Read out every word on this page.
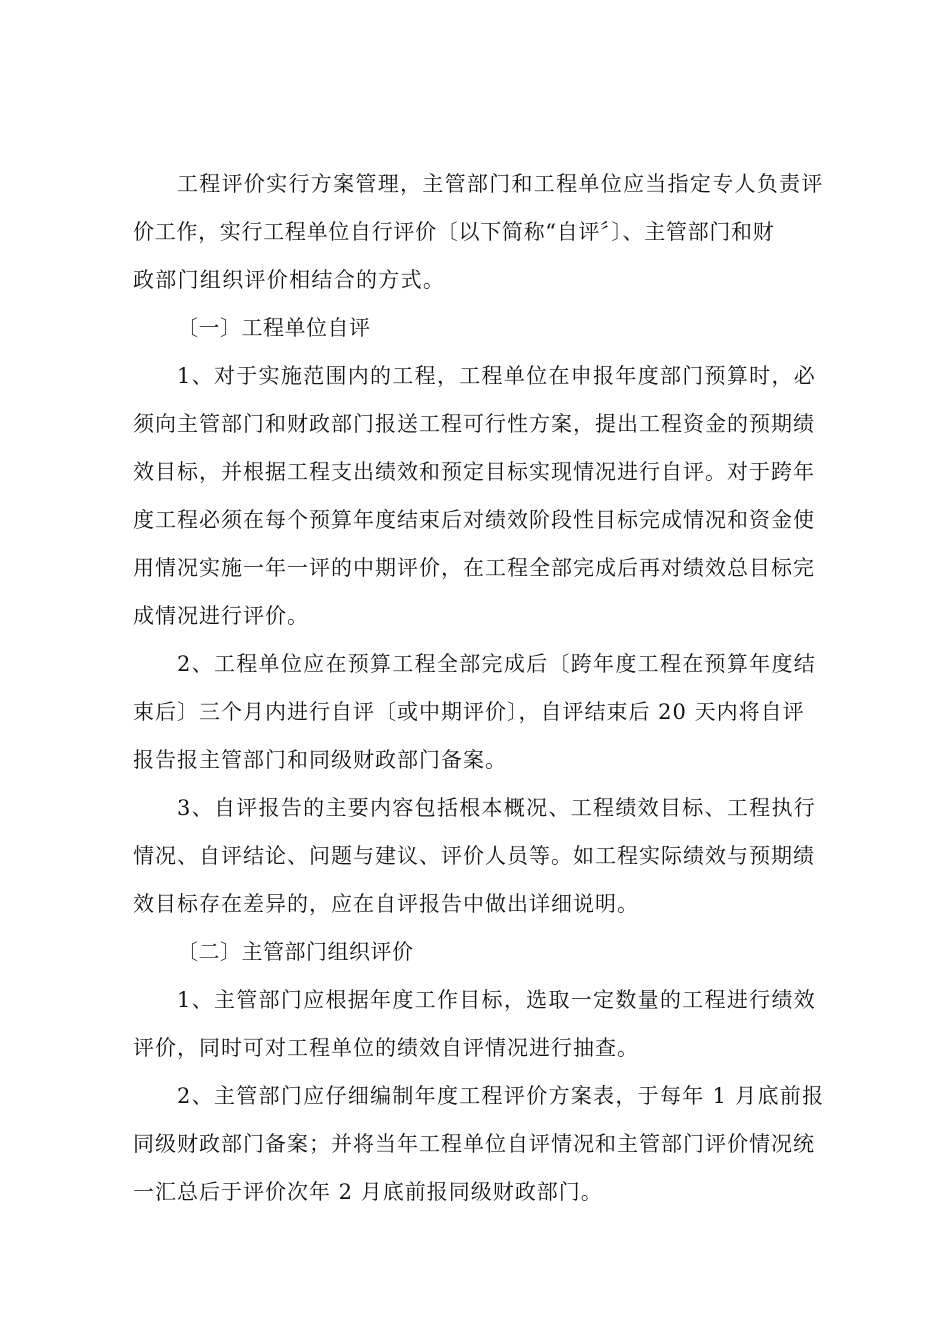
工程评价实行方案管理，主管部门和工程单位应当指定专人负责评
价工作，实行工程单位自行评价〔以下简称“自评〞〕、主管部门和财
政部门组织评价相结合的方式。
〔一〕工程单位自评
1、对于实施范围内的工程，工程单位在申报年度部门预算时，必
须向主管部门和财政部门报送工程可行性方案，提出工程资金的预期绩
效目标，并根据工程支出绩效和预定目标实现情况进行自评。对于跨年
度工程必须在每个预算年度结束后对绩效阶段性目标完成情况和资金使
用情况实施一年一评的中期评价，在工程全部完成后再对绩效总目标完
成情况进行评价。
2、工程单位应在预算工程全部完成后〔跨年度工程在预算年度结
束后〕三个月内进行自评〔或中期评价〕，自评结束后 20 天内将自评
报告报主管部门和同级财政部门备案。
3、自评报告的主要内容包括根本概况、工程绩效目标、工程执行
情况、自评结论、问题与建议、评价人员等。如工程实际绩效与预期绩
效目标存在差异的，应在自评报告中做出详细说明。
〔二〕主管部门组织评价
1、主管部门应根据年度工作目标，选取一定数量的工程进行绩效
评价，同时可对工程单位的绩效自评情况进行抽查。
2、主管部门应仔细编制年度工程评价方案表，于每年 1 月底前报
同级财政部门备案；并将当年工程单位自评情况和主管部门评价情况统
一汇总后于评价次年 2 月底前报同级财政部门。
